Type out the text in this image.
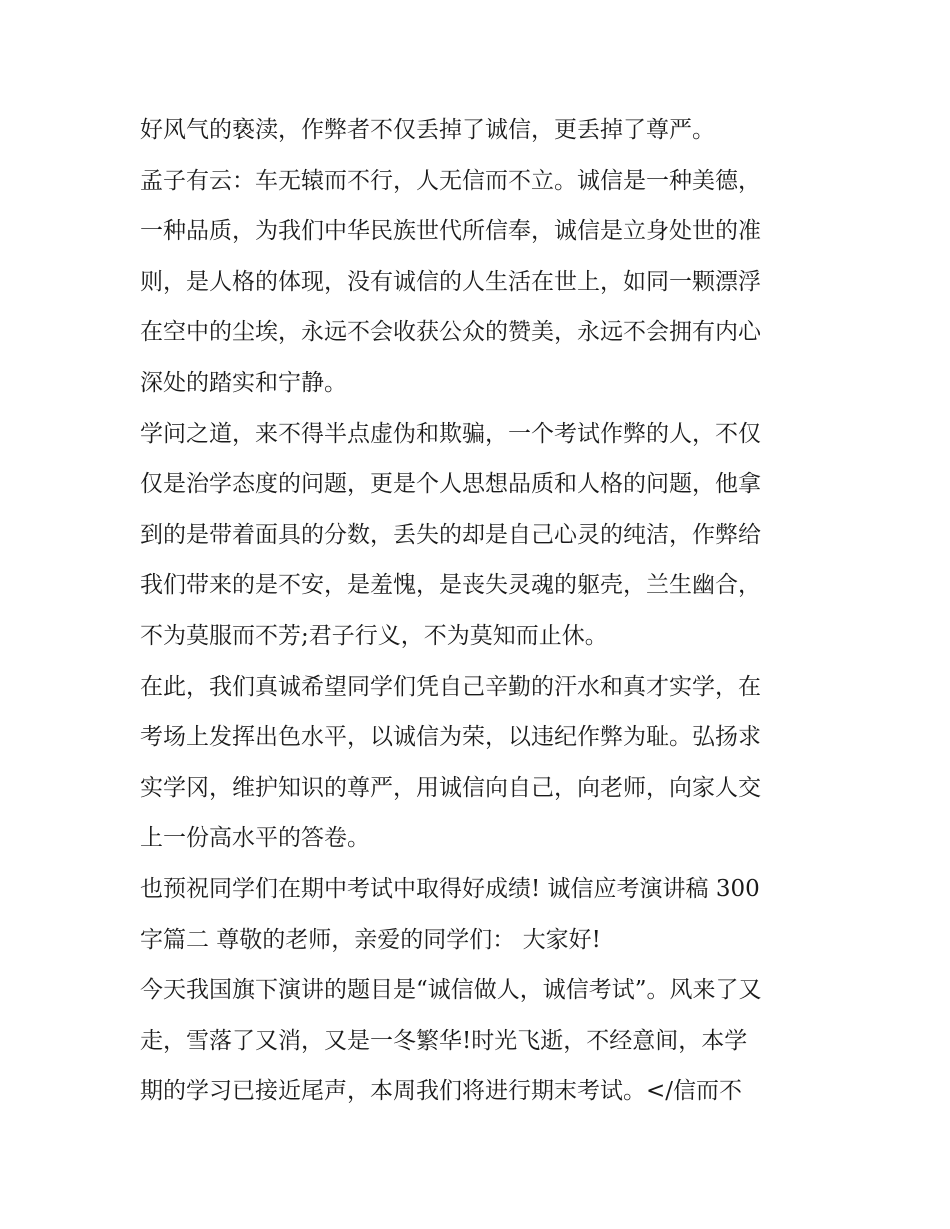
好风气的亵渎，作弊者不仅丢掉了诚信，更丢掉了尊严。
孟子有云：车无辕而不行，人无信而不立。诚信是一种美德，
一种品质，为我们中华民族世代所信奉，诚信是立身处世的准
则，是人格的体现，没有诚信的人生活在世上，如同一颗漂浮
在空中的尘埃，永远不会收获公众的赞美，永远不会拥有内心
深处的踏实和宁静。
学问之道，来不得半点虚伪和欺骗，一个考试作弊的人，不仅
仅是治学态度的问题，更是个人思想品质和人格的问题，他拿
到的是带着面具的分数，丢失的却是自己心灵的纯洁，作弊给
我们带来的是不安，是羞愧，是丧失灵魂的躯壳，兰生幽合，
不为莫服而不芳;君子行义，不为莫知而止休。
在此，我们真诚希望同学们凭自己辛勤的汗水和真才实学，在
考场上发挥出色水平，以诚信为荣，以违纪作弊为耻。弘扬求
实学冈，维护知识的尊严，用诚信向自己，向老师，向家人交
上一份高水平的答卷。
也预祝同学们在期中考试中取得好成绩! 诚信应考演讲稿 300
字篇二 尊敬的老师，亲爱的同学们： 大家好!
今天我国旗下演讲的题目是“诚信做人，诚信考试”。风来了又
走，雪落了又消，又是一冬繁华!时光飞逝，不经意间，本学
期的学习已接近尾声，本周我们将进行期末考试。</信而不
